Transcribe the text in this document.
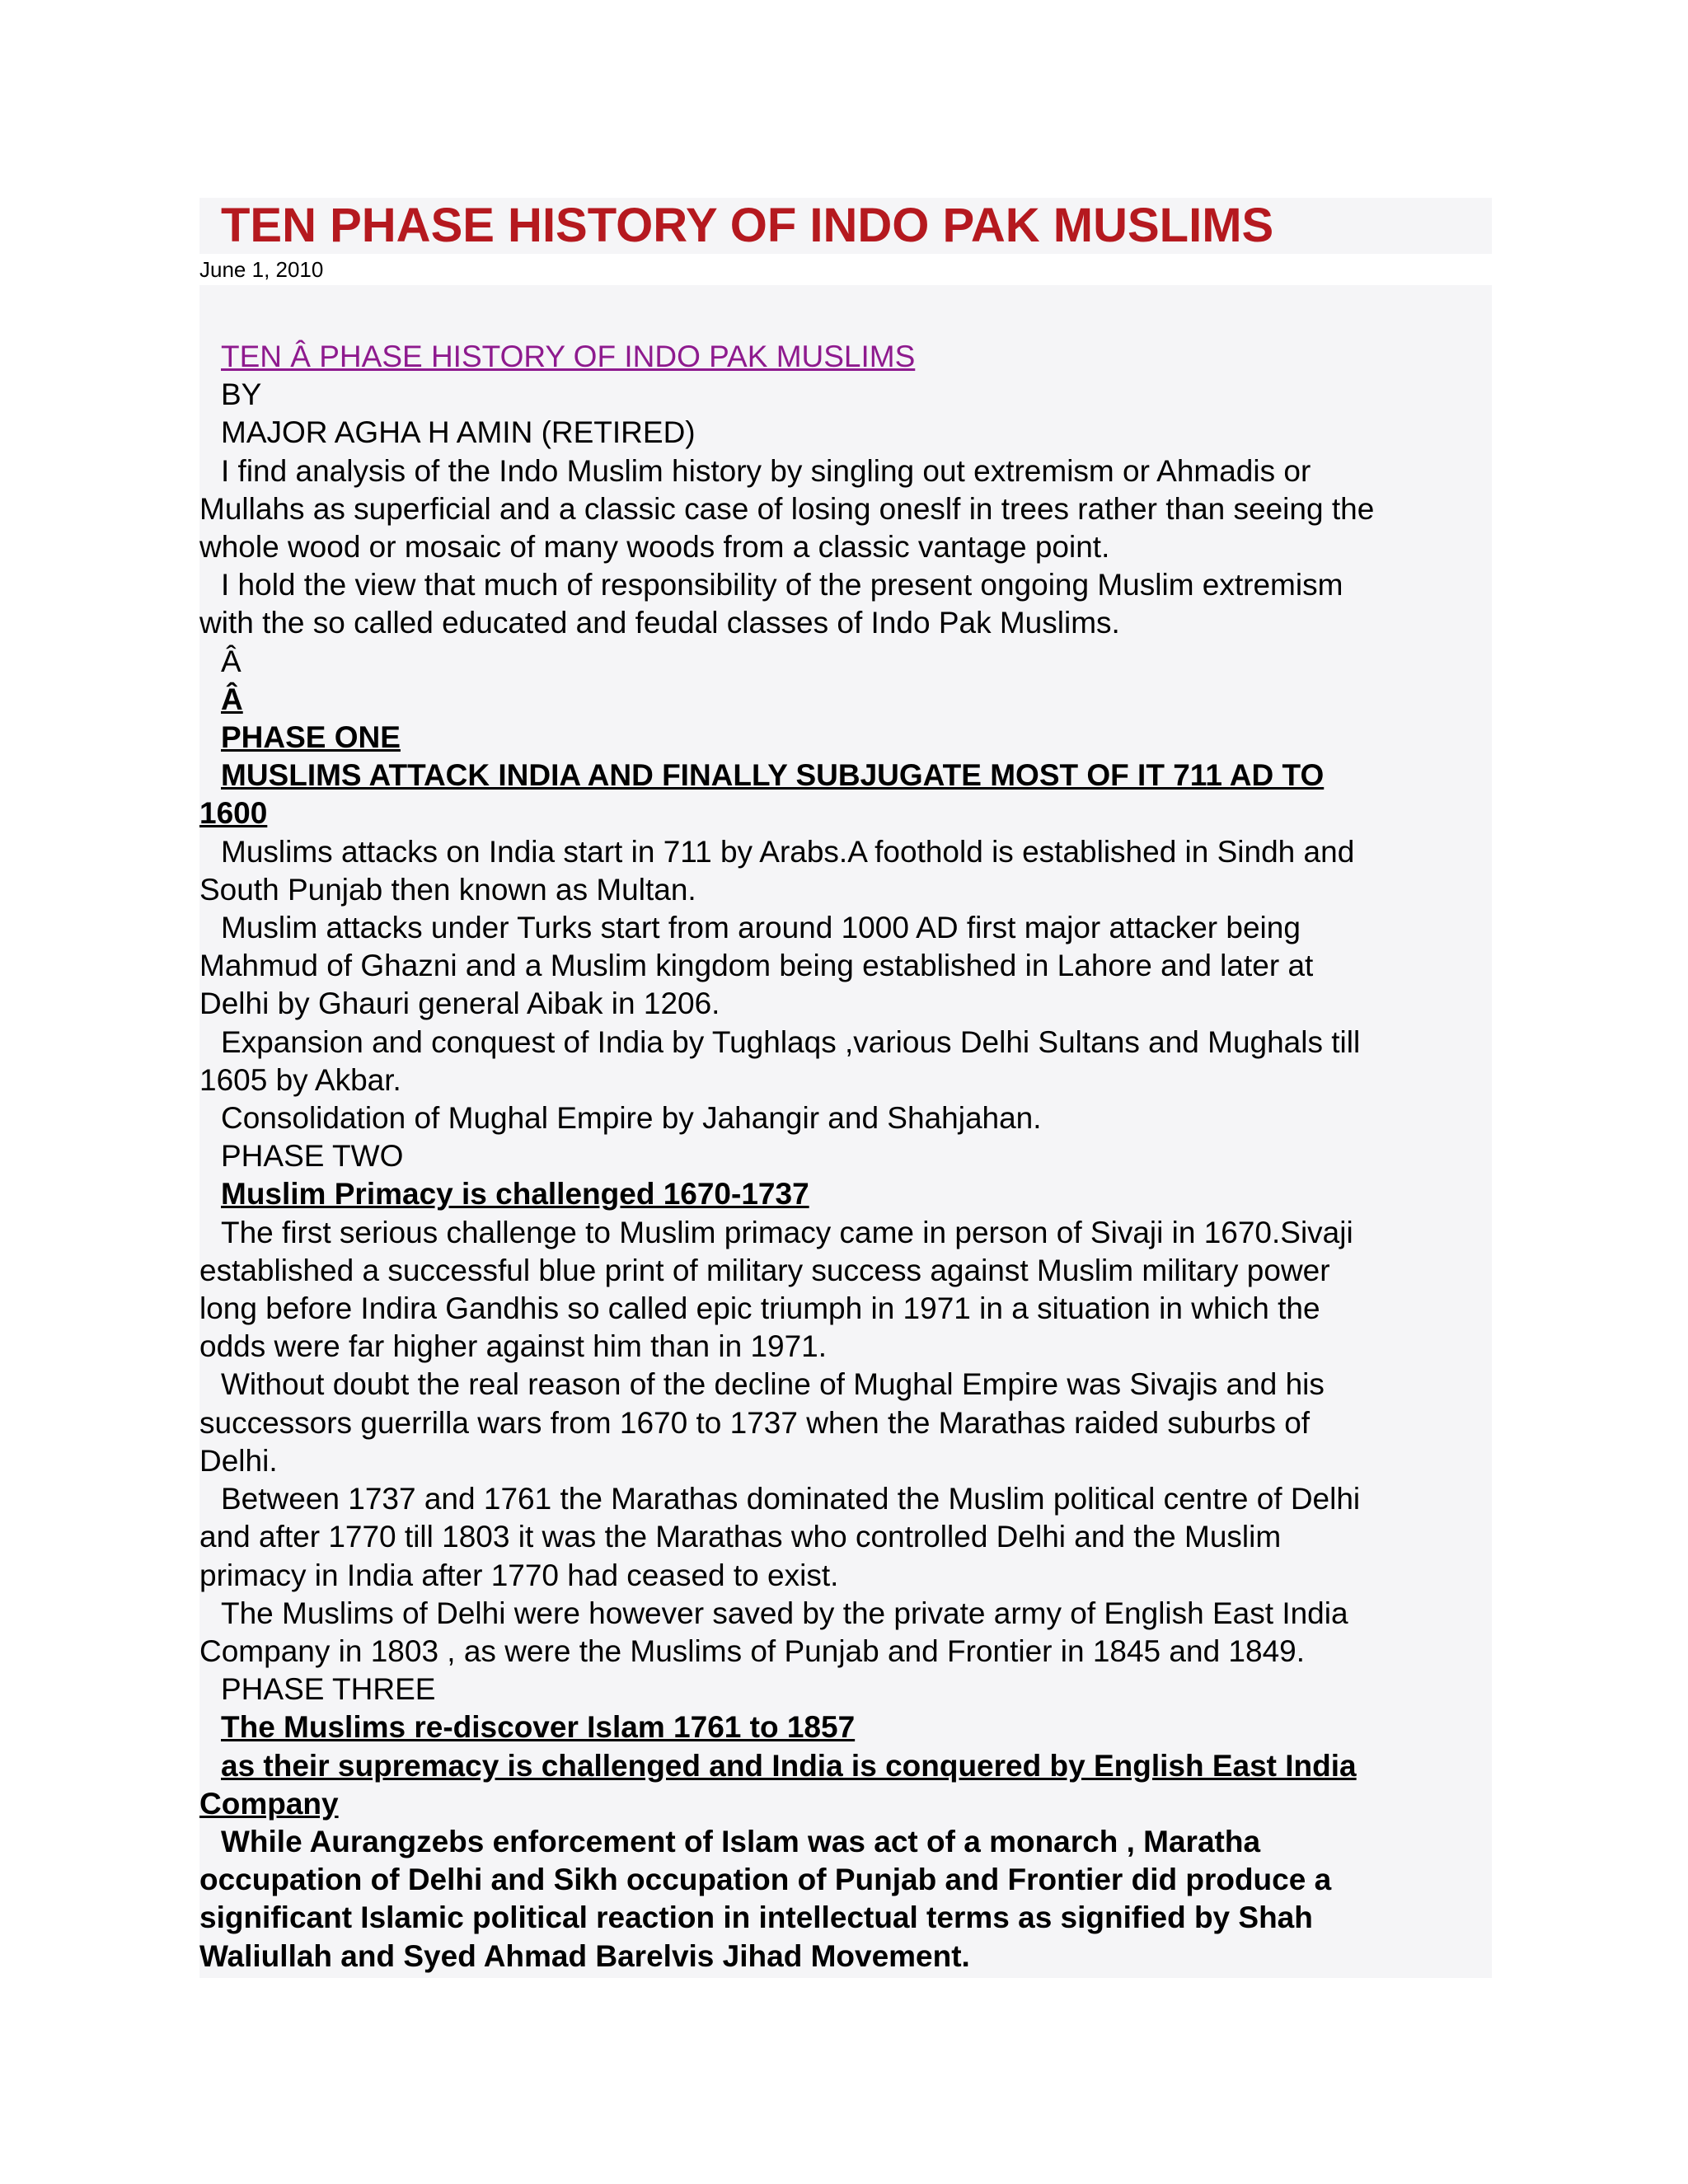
TEN PHASE HISTORY OF INDO PAK MUSLIMS
June 1, 2010
TEN Â PHASE HISTORY OF INDO PAK MUSLIMS
BY
MAJOR AGHA H AMIN (RETIRED)
I find analysis of the Indo Muslim history by singling out extremism or Ahmadis or
Mullahs as superficial and a classic case of losing oneslf in trees rather than seeing the
whole wood or mosaic of many woods from a classic vantage point.
I hold the view that much of responsibility of the present ongoing Muslim extremism
with the so called educated and feudal classes of Indo Pak Muslims.
Â
Â
PHASE ONE
MUSLIMS ATTACK INDIA AND FINALLY SUBJUGATE MOST OF IT 711 AD TO
1600
Muslims attacks on India start in 711 by Arabs.A foothold is established in Sindh and
South Punjab then known as Multan.
Muslim attacks under Turks start from around 1000 AD first major attacker being
Mahmud of Ghazni and a Muslim kingdom being established in Lahore and later at
Delhi by Ghauri general Aibak in 1206.
Expansion and conquest of India by Tughlaqs ,various Delhi Sultans and Mughals till
1605 by Akbar.
Consolidation of Mughal Empire by Jahangir and Shahjahan.
PHASE TWO
Muslim Primacy is challenged 1670-1737
The first serious challenge to Muslim primacy came in person of Sivaji in 1670.Sivaji
established a successful blue print of military success against Muslim military power
long before Indira Gandhis so called epic triumph in 1971 in a situation in which the
odds were far higher against him than in 1971.
Without doubt the real reason of the decline of Mughal Empire was Sivajis and his
successors guerrilla wars from 1670 to 1737 when the Marathas raided suburbs of
Delhi.
Between 1737 and 1761 the Marathas dominated the Muslim political centre of Delhi
and after 1770 till 1803 it was the Marathas who controlled Delhi and the Muslim
primacy in India after 1770 had ceased to exist.
The Muslims of Delhi were however saved by the private army of English East India
Company in 1803 , as were the Muslims of Punjab and Frontier in 1845 and 1849.
PHASE THREE
The Muslims re-discover Islam 1761 to 1857
as their supremacy is challenged and India is conquered by English East India
Company
While Aurangzebs enforcement of Islam was act of a monarch , Maratha
occupation of Delhi and Sikh occupation of Punjab and Frontier did produce a
significant Islamic political reaction in intellectual terms as signified by Shah
Waliullah and Syed Ahmad Barelvis Jihad Movement.
